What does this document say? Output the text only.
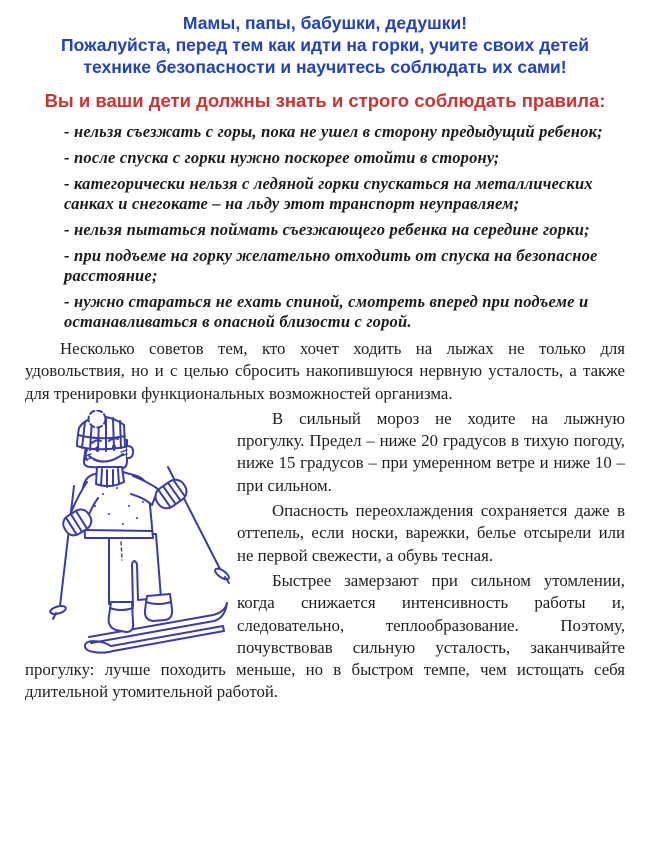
Мамы, папы, бабушки, дедушки!
Пожалуйста, перед тем как идти на горки, учите своих детей
технике безопасности и научитесь соблюдать их сами!
Вы и ваши дети должны знать и строго соблюдать правила:
- нельзя съезжать с горы, пока не ушел в сторону предыдущий ребенок;
- после спуска с горки нужно поскорее отойти в сторону;
- категорически нельзя с ледяной горки спускаться на металлических санках и снегокате – на льду этот транспорт неуправляем;
- нельзя пытаться поймать съезжающего ребенка на середине горки;
- при подъеме на горку желательно отходить от спуска на безопасное расстояние;
- нужно стараться не ехать спиной, смотреть вперед при подъеме и останавливаться в опасной близости с горой.

Несколько советов тем, кто хочет ходить на лыжах не только для удовольствия, но и с целью сбросить накопившуюся нервную усталость, а также для тренировки функциональных возможностей организма.

В сильный мороз не ходите на лыжную прогулку. Предел – ниже 20 градусов в тихую погоду, ниже 15 градусов – при умеренном ветре и ниже 10 – при сильном.

Опасность переохлаждения сохраняется даже в оттепель, если носки, варежки, белье отсырели или не первой свежести, а обувь тесная.

Быстрее замерзают при сильном утомлении, когда снижается интенсивность работы и, следовательно, теплообразование. Поэтому, почувствовав сильную усталость, заканчивайте прогулку: лучше походить меньше, но в быстром темпе, чем истощать себя длительной утомительной работой.
